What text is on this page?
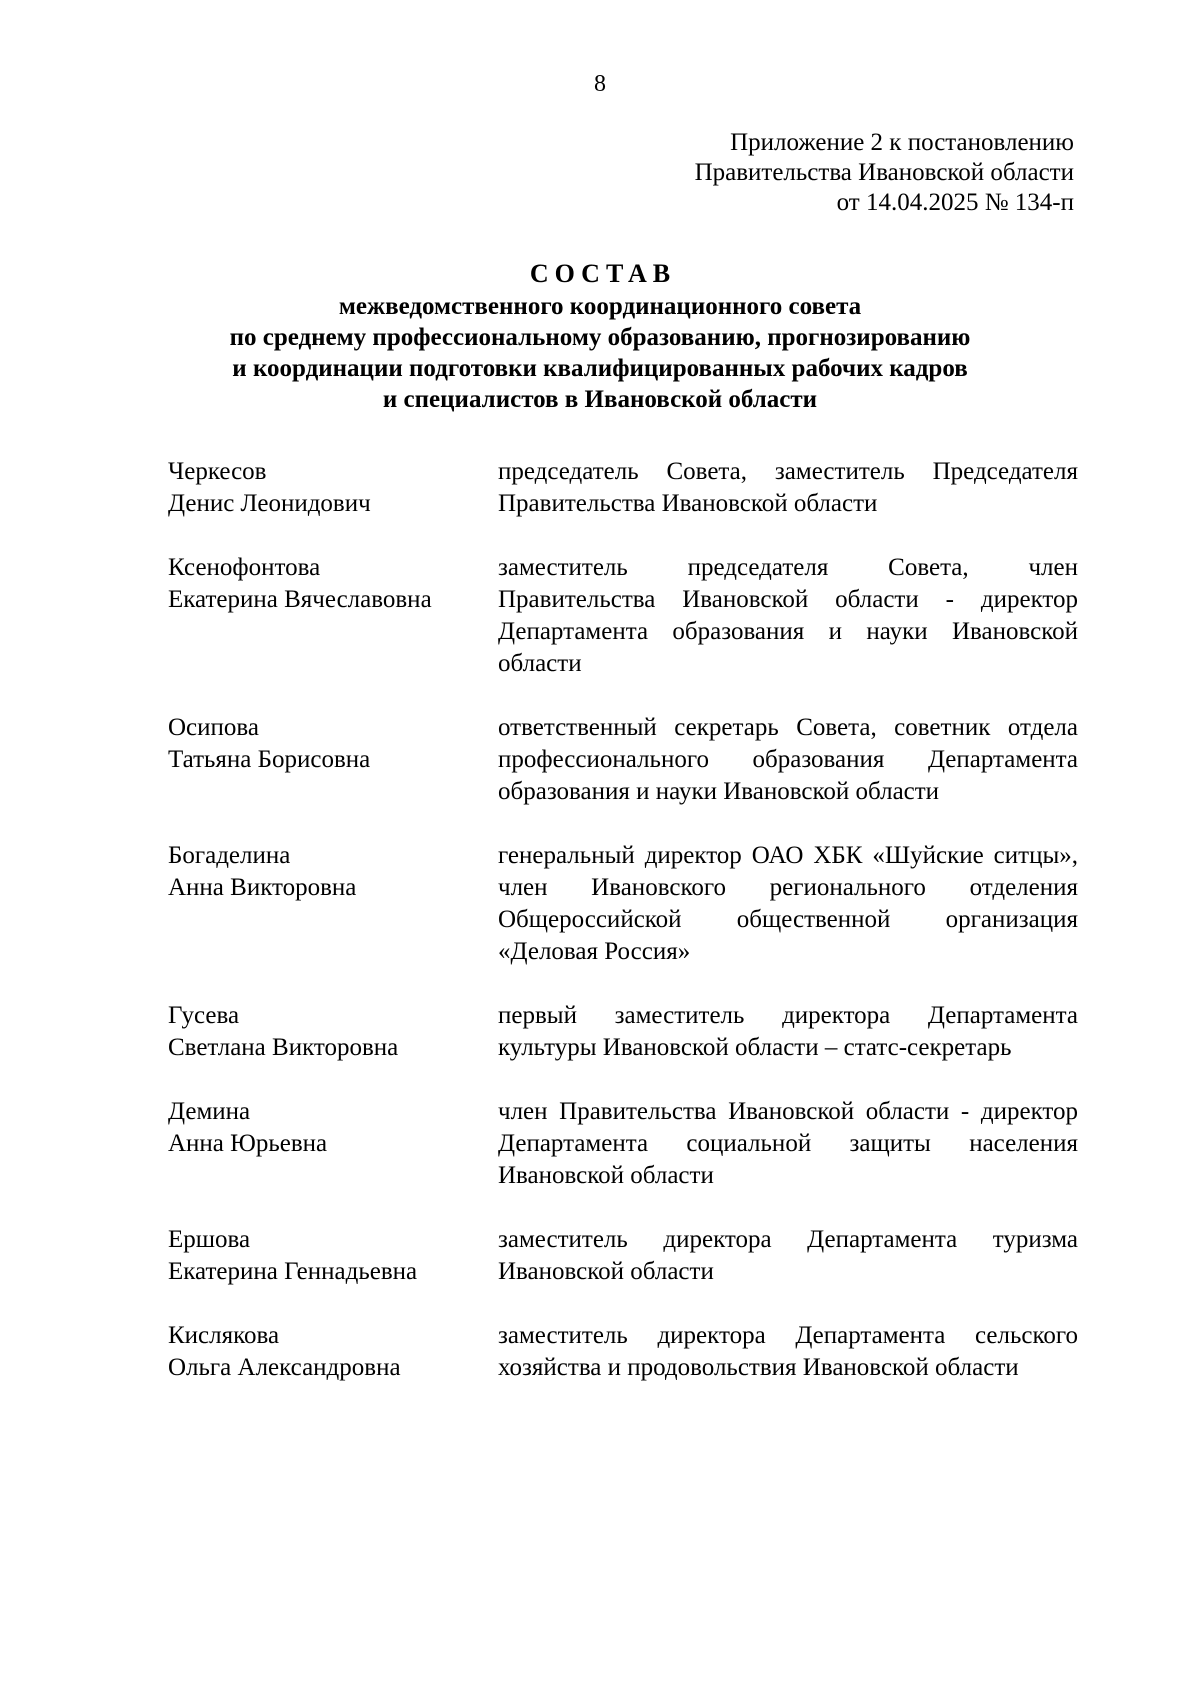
8
Приложение 2 к постановлению
Правительства Ивановской области
от 14.04.2025 № 134-п
СОСТАВ
межведомственного координационного совета
по среднему профессиональному образованию, прогнозированию
и координации подготовки квалифицированных рабочих кадров
и специалистов в Ивановской области
Черкесов
Денис Леонидович
председатель Совета, заместитель Председателя Правительства Ивановской области
Ксенофонтова
Екатерина Вячеславовна
заместитель председателя Совета, член Правительства Ивановской области - директор Департамента образования и науки Ивановской области
Осипова
Татьяна Борисовна
ответственный секретарь Совета, советник отдела профессионального образования Департамента образования и науки Ивановской области
Богаделина
Анна Викторовна
генеральный директор ОАО ХБК «Шуйские ситцы», член Ивановского регионального отделения Общероссийской общественной организация «Деловая Россия»
Гусева
Светлана Викторовна
первый заместитель директора Департамента культуры Ивановской области – статс-секретарь
Демина
Анна Юрьевна
член Правительства Ивановской области - директор Департамента социальной защиты населения Ивановской области
Ершова
Екатерина Геннадьевна
заместитель директора Департамента туризма Ивановской области
Кислякова
Ольга Александровна
заместитель директора Департамента сельского хозяйства и продовольствия Ивановской области
